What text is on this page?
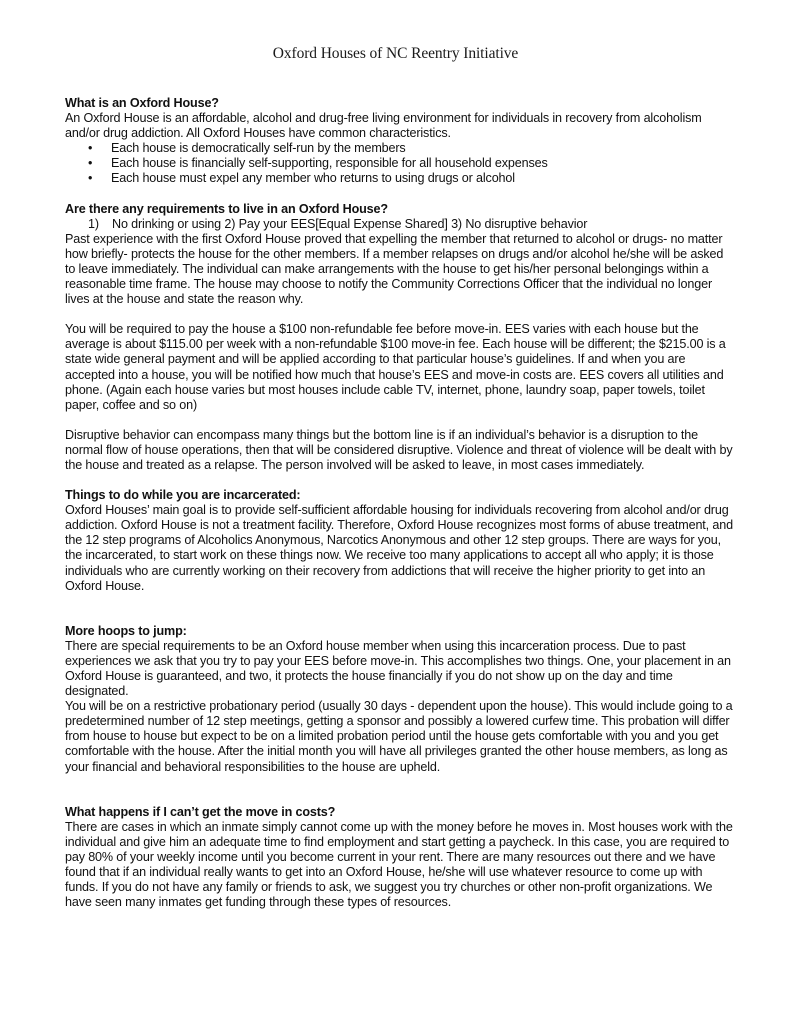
Oxford Houses of NC Reentry Initiative

What is an Oxford House?

An Oxford House is an affordable, alcohol and drug-free living environment for individuals in recovery from alcoholism and/or drug addiction. All Oxford Houses have common characteristics.

• Each house is democratically self-run by the members
• Each house is financially self-supporting, responsible for all household expenses
• Each house must expel any member who returns to using drugs or alcohol

Are there any requirements to live in an Oxford House?

1) No drinking or using 2) Pay your EES[Equal Expense Shared] 3) No disruptive behavior

Past experience with the first Oxford House proved that expelling the member that returned to alcohol or drugs- no matter how briefly- protects the house for the other members. If a member relapses on drugs and/or alcohol he/she will be asked to leave immediately. The individual can make arrangements with the house to get his/her personal belongings within a reasonable time frame. The house may choose to notify the Community Corrections Officer that the individual no longer lives at the house and state the reason why.

You will be required to pay the house a $100 non-refundable fee before move-in. EES varies with each house but the average is about $115.00 per week with a non-refundable $100 move-in fee. Each house will be different; the $215.00 is a state wide general payment and will be applied according to that particular house’s guidelines. If and when you are accepted into a house, you will be notified how much that house’s EES and move-in costs are. EES covers all utilities and phone. (Again each house varies but most houses include cable TV, internet, phone, laundry soap, paper towels, toilet paper, coffee and so on)

Disruptive behavior can encompass many things but the bottom line is if an individual’s behavior is a disruption to the normal flow of house operations, then that will be considered disruptive. Violence and threat of violence will be dealt with by the house and treated as a relapse. The person involved will be asked to leave, in most cases immediately.

Things to do while you are incarcerated:

Oxford Houses’ main goal is to provide self-sufficient affordable housing for individuals recovering from alcohol and/or drug addiction. Oxford House is not a treatment facility. Therefore, Oxford House recognizes most forms of abuse treatment, and the 12 step programs of Alcoholics Anonymous, Narcotics Anonymous and other 12 step groups. There are ways for you, the incarcerated, to start work on these things now. We receive too many applications to accept all who apply; it is those individuals who are currently working on their recovery from addictions that will receive the higher priority to get into an Oxford House.

More hoops to jump:

There are special requirements to be an Oxford house member when using this incarceration process. Due to past experiences we ask that you try to pay your EES before move-in. This accomplishes two things. One, your placement in an Oxford House is guaranteed, and two, it protects the house financially if you do not show up on the day and time designated.

You will be on a restrictive probationary period (usually 30 days - dependent upon the house). This would include going to a predetermined number of 12 step meetings, getting a sponsor and possibly a lowered curfew time. This probation will differ from house to house but expect to be on a limited probation period until the house gets comfortable with you and you get comfortable with the house. After the initial month you will have all privileges granted the other house members, as long as your financial and behavioral responsibilities to the house are upheld.

What happens if I can’t get the move in costs?

There are cases in which an inmate simply cannot come up with the money before he moves in. Most houses work with the individual and give him an adequate time to find employment and start getting a paycheck. In this case, you are required to pay 80% of your weekly income until you become current in your rent. There are many resources out there and we have found that if an individual really wants to get into an Oxford House, he/she will use whatever resource to come up with funds. If you do not have any family or friends to ask, we suggest you try churches or other non-profit organizations. We have seen many inmates get funding through these types of resources.
